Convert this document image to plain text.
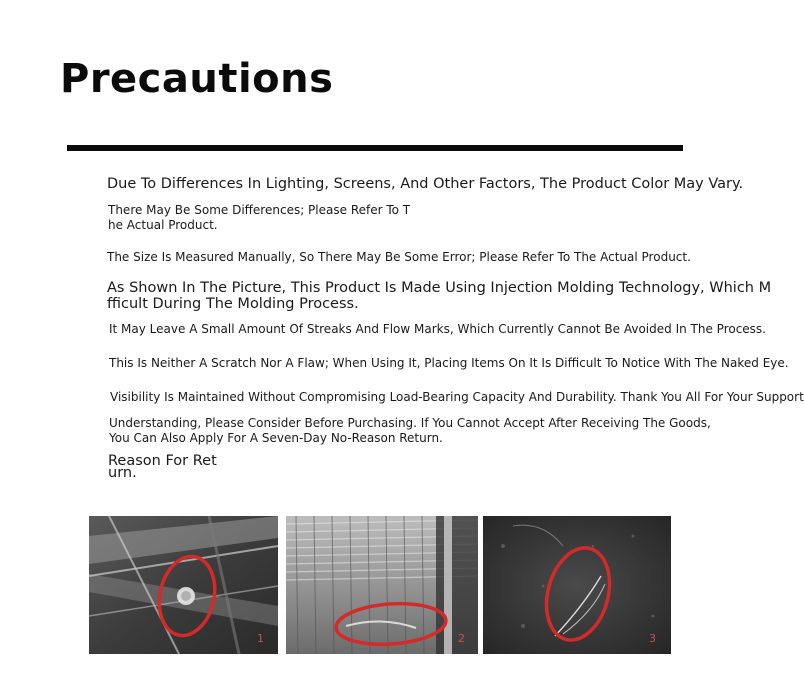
Precautions
Due To Differences In Lighting, Screens, And Other Factors, The Product Color May Vary.
There May Be Some Differences; Please Refer To T
he Actual Product.
The Size Is Measured Manually, So There May Be Some Error; Please Refer To The Actual Product.
As Shown In The Picture, This Product Is Made Using Injection Molding Technology, Which M
fficult During The Molding Process.
It May Leave A Small Amount Of Streaks And Flow Marks, Which Currently Cannot Be Avoided In The Process.
This Is Neither A Scratch Nor A Flaw; When Using It, Placing Items On It Is Difficult To Notice With The Naked Eye.
Visibility Is Maintained Without Compromising Load-Bearing Capacity And Durability. Thank You All For Your Support
Understanding, Please Consider Before Purchasing. If You Cannot Accept After Receiving The Goods,
You Can Also Apply For A Seven-Day No-Reason Return.
Reason For Ret
urn.

1	2	3
